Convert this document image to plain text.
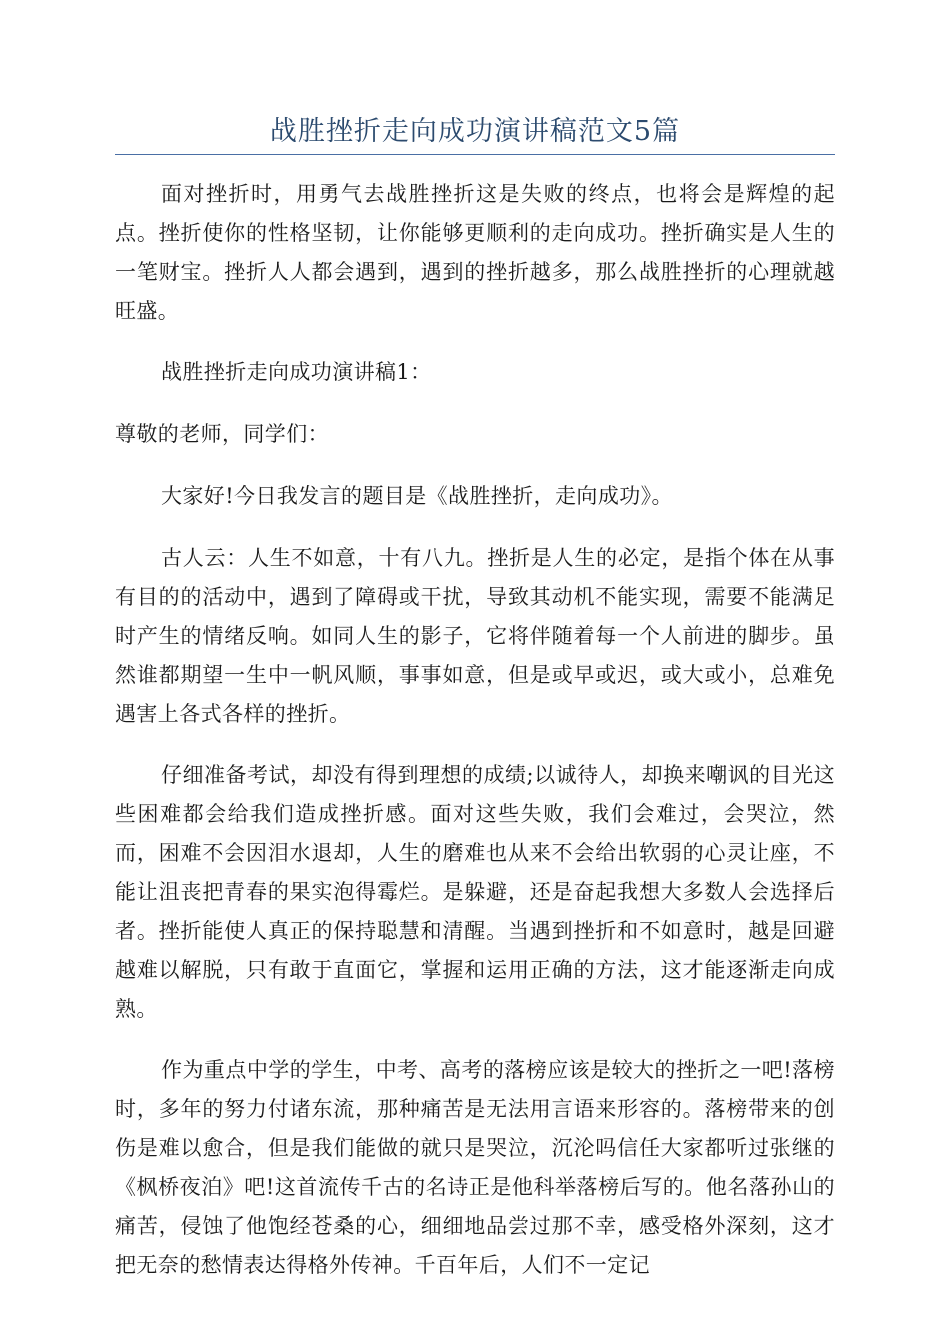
战胜挫折走向成功演讲稿范文5篇

面对挫折时，用勇气去战胜挫折这是失败的终点，也将会是辉煌的起点。挫折使你的性格坚韧，让你能够更顺利的走向成功。挫折确实是人生的一笔财宝。挫折人人都会遇到，遇到的挫折越多，那么战胜挫折的心理就越旺盛。

战胜挫折走向成功演讲稿1：

尊敬的老师，同学们：

大家好!今日我发言的题目是《战胜挫折，走向成功》。

古人云：人生不如意，十有八九。挫折是人生的必定，是指个体在从事有目的的活动中，遇到了障碍或干扰，导致其动机不能实现，需要不能满足时产生的情绪反响。如同人生的影子，它将伴随着每一个人前进的脚步。虽然谁都期望一生中一帆风顺，事事如意，但是或早或迟，或大或小，总难免遇害上各式各样的挫折。

仔细准备考试，却没有得到理想的成绩;以诚待人，却换来嘲讽的目光这些困难都会给我们造成挫折感。面对这些失败，我们会难过，会哭泣，然而，困难不会因泪水退却，人生的磨难也从来不会给出软弱的心灵让座，不能让沮丧把青春的果实泡得霉烂。是躲避，还是奋起我想大多数人会选择后者。挫折能使人真正的保持聪慧和清醒。当遇到挫折和不如意时，越是回避越难以解脱，只有敢于直面它，掌握和运用正确的方法，这才能逐渐走向成熟。

作为重点中学的学生，中考、高考的落榜应该是较大的挫折之一吧!落榜时，多年的努力付诸东流，那种痛苦是无法用言语来形容的。落榜带来的创伤是难以愈合，但是我们能做的就只是哭泣，沉沦吗信任大家都听过张继的《枫桥夜泊》吧!这首流传千古的名诗正是他科举落榜后写的。他名落孙山的痛苦，侵蚀了他饱经苍桑的心，细细地品尝过那不幸，感受格外深刻，这才把无奈的愁情表达得格外传神。千百年后，人们不一定记
